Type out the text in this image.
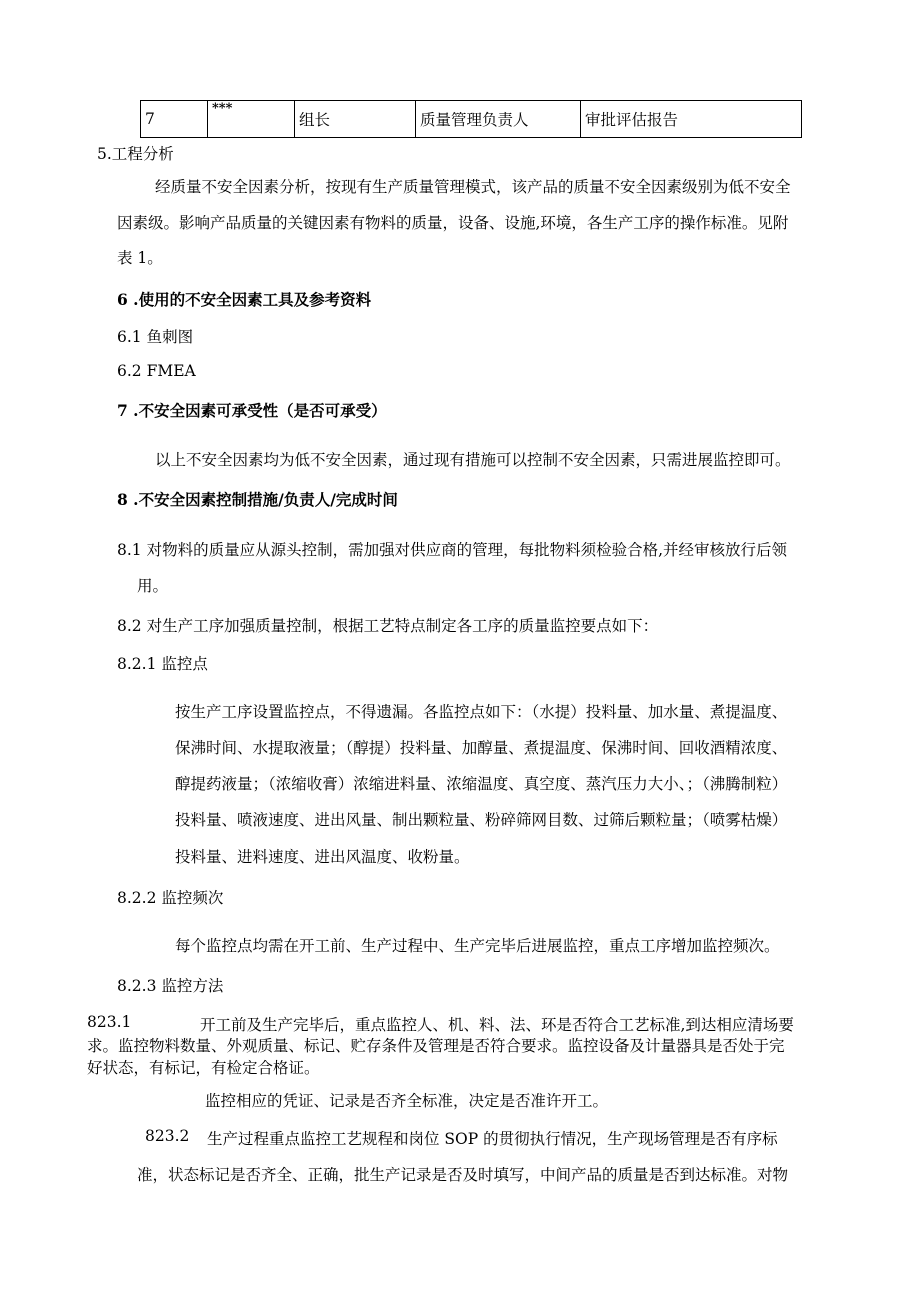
7	***	组长	质量管理负责人	审批评估报告
5.工程分析
经质量不安全因素分析，按现有生产质量管理模式，该产品的质量不安全因素级别为低不安全
因素级。影响产品质量的关键因素有物料的质量，设备、设施,环境，各生产工序的操作标准。见附
表 1。
6 .使用的不安全因素工具及参考资料
6.1 鱼刺图
6.2 FMEA
7 .不安全因素可承受性（是否可承受）
以上不安全因素均为低不安全因素，通过现有措施可以控制不安全因素，只需进展监控即可。
8 .不安全因素控制措施/负责人/完成时间
8.1 对物料的质量应从源头控制，需加强对供应商的管理，每批物料须检验合格,并经审核放行后领
用。
8.2 对生产工序加强质量控制，根据工艺特点制定各工序的质量监控要点如下：
8.2.1 监控点
按生产工序设置监控点，不得遗漏。各监控点如下：（水提）投料量、加水量、煮提温度、
保沸时间、水提取液量；（醇提）投料量、加醇量、煮提温度、保沸时间、回收酒精浓度、
醇提药液量；（浓缩收膏）浓缩进料量、浓缩温度、真空度、蒸汽压力大小、；（沸腾制粒）
投料量、喷液速度、进出风量、制出颗粒量、粉碎筛网目数、过筛后颗粒量；（喷雾枯燥）
投料量、进料速度、进出风温度、收粉量。
8.2.2 监控频次
每个监控点均需在开工前、生产过程中、生产完毕后进展监控，重点工序增加监控频次。
8.2.3 监控方法
823.1	开工前及生产完毕后，重点监控人、机、料、法、环是否符合工艺标准,到达相应清场要
求。监控物料数量、外观质量、标记、贮存条件及管理是否符合要求。监控设备及计量器具是否处于完
好状态，有标记，有检定合格证。
监控相应的凭证、记录是否齐全标准，决定是否准许开工。
823.2 生产过程重点监控工艺规程和岗位 SOP 的贯彻执行情况，生产现场管理是否有序标
准，状态标记是否齐全、正确，批生产记录是否及时填写，中间产品的质量是否到达标准。对物
